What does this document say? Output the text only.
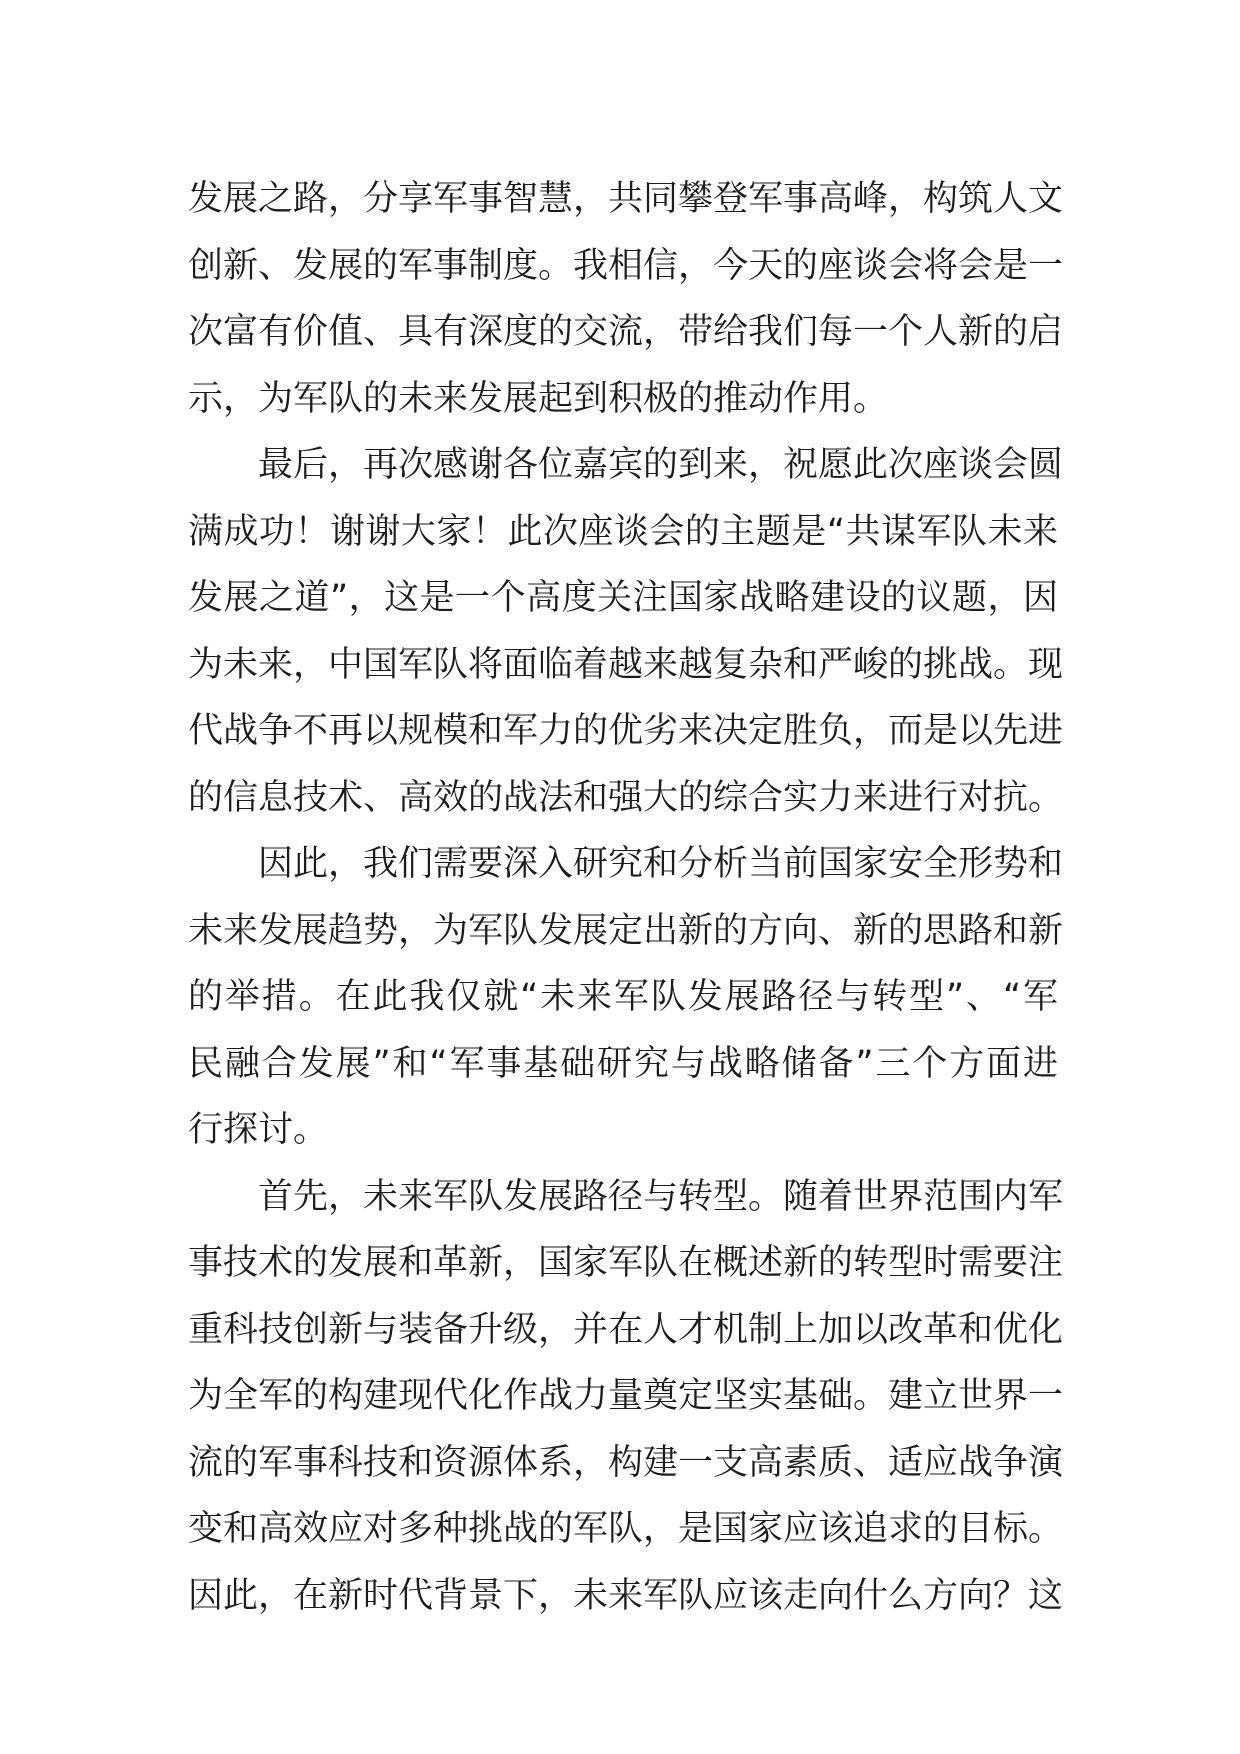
发展之路，分享军事智慧，共同攀登军事高峰，构筑人文
创新、发展的军事制度。我相信，今天的座谈会将会是一
次富有价值、具有深度的交流，带给我们每一个人新的启
示，为军队的未来发展起到积极的推动作用。
最后，再次感谢各位嘉宾的到来，祝愿此次座谈会圆
满成功！谢谢大家！此次座谈会的主题是“共谋军队未来
发展之道”，这是一个高度关注国家战略建设的议题，因
为未来，中国军队将面临着越来越复杂和严峻的挑战。现
代战争不再以规模和军力的优劣来决定胜负，而是以先进
的信息技术、高效的战法和强大的综合实力来进行对抗。
因此，我们需要深入研究和分析当前国家安全形势和
未来发展趋势，为军队发展定出新的方向、新的思路和新
的举措。在此我仅就“未来军队发展路径与转型”、“军
民融合发展”和“军事基础研究与战略储备”三个方面进
行探讨。
首先，未来军队发展路径与转型。随着世界范围内军
事技术的发展和革新，国家军队在概述新的转型时需要注
重科技创新与装备升级，并在人才机制上加以改革和优化
为全军的构建现代化作战力量奠定坚实基础。建立世界一
流的军事科技和资源体系，构建一支高素质、适应战争演
变和高效应对多种挑战的军队，是国家应该追求的目标。
因此，在新时代背景下，未来军队应该走向什么方向？这
